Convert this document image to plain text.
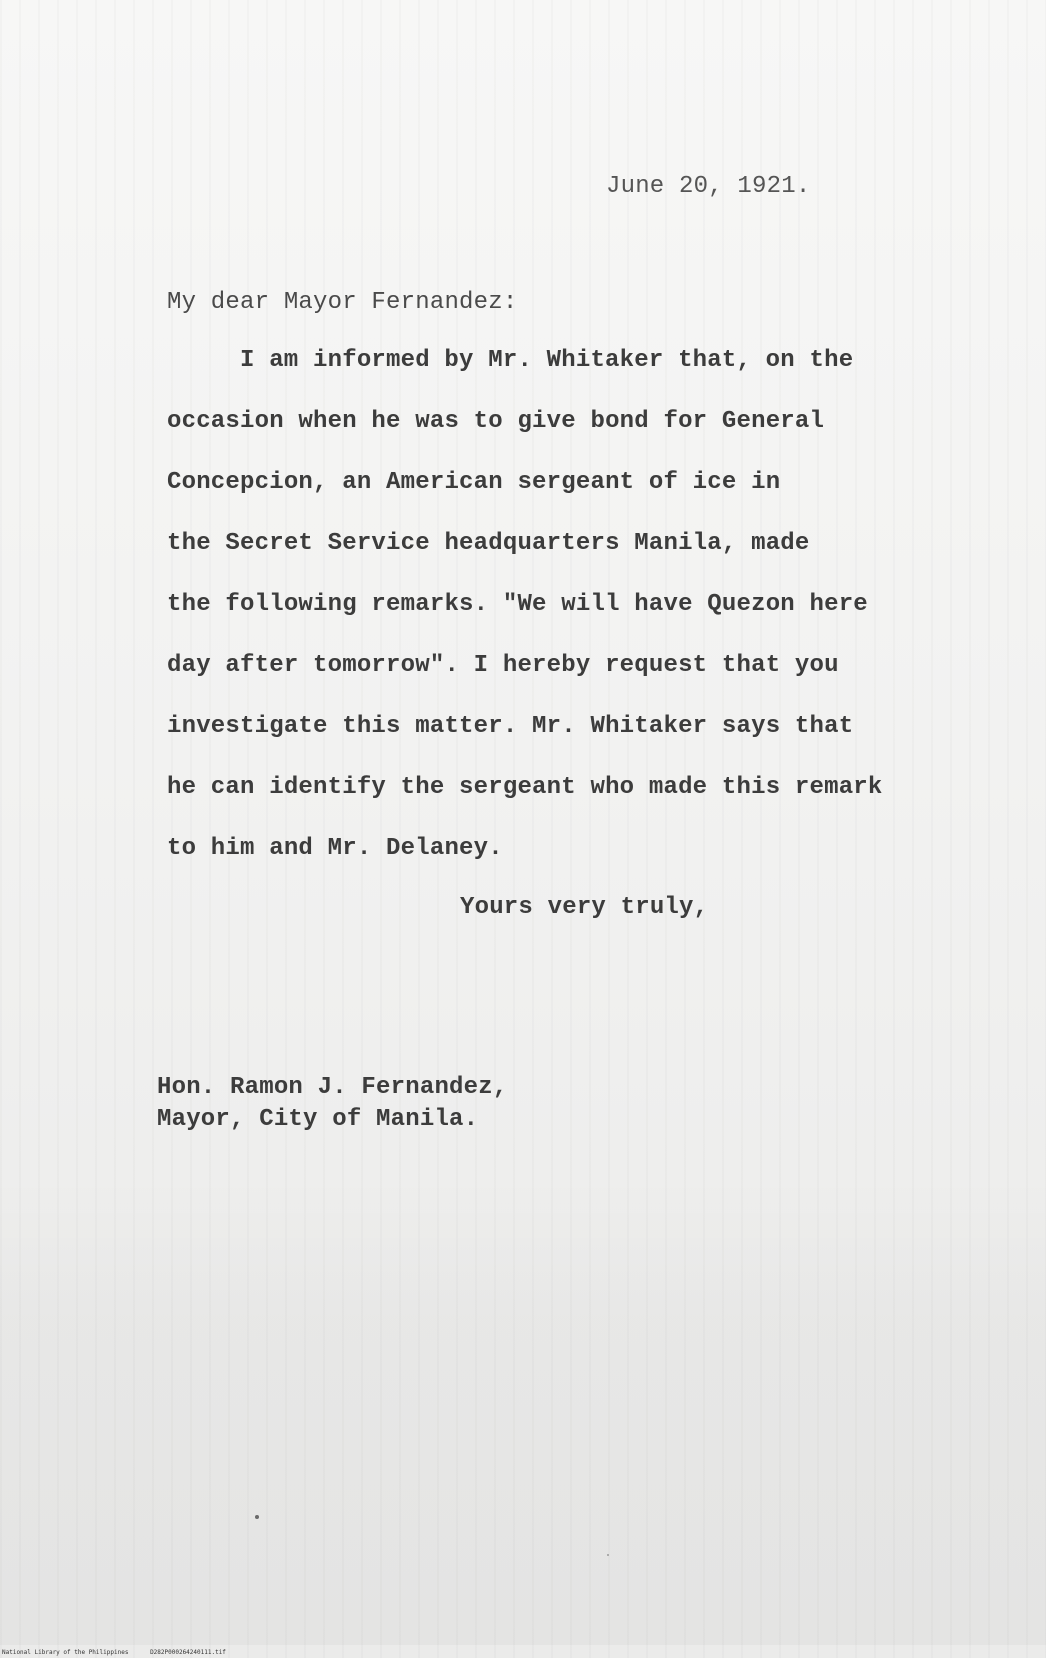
June 20, 1921.
My dear Mayor Fernandez:
I am informed by Mr. Whitaker that, on the
occasion when he was to give bond for General
Concepcion, an American sergeant of ice in
the Secret Service headquarters Manila, made
the following remarks. "We will have Quezon here
day after tomorrow". I hereby request that you
investigate this matter. Mr. Whitaker says that
he can identify the sergeant who made this remark
to him and Mr. Delaney.
Yours very truly,
Hon. Ramon J. Fernandez,
Mayor, City of Manila.
National Library of the Philippines	D282P000264240111.tif
